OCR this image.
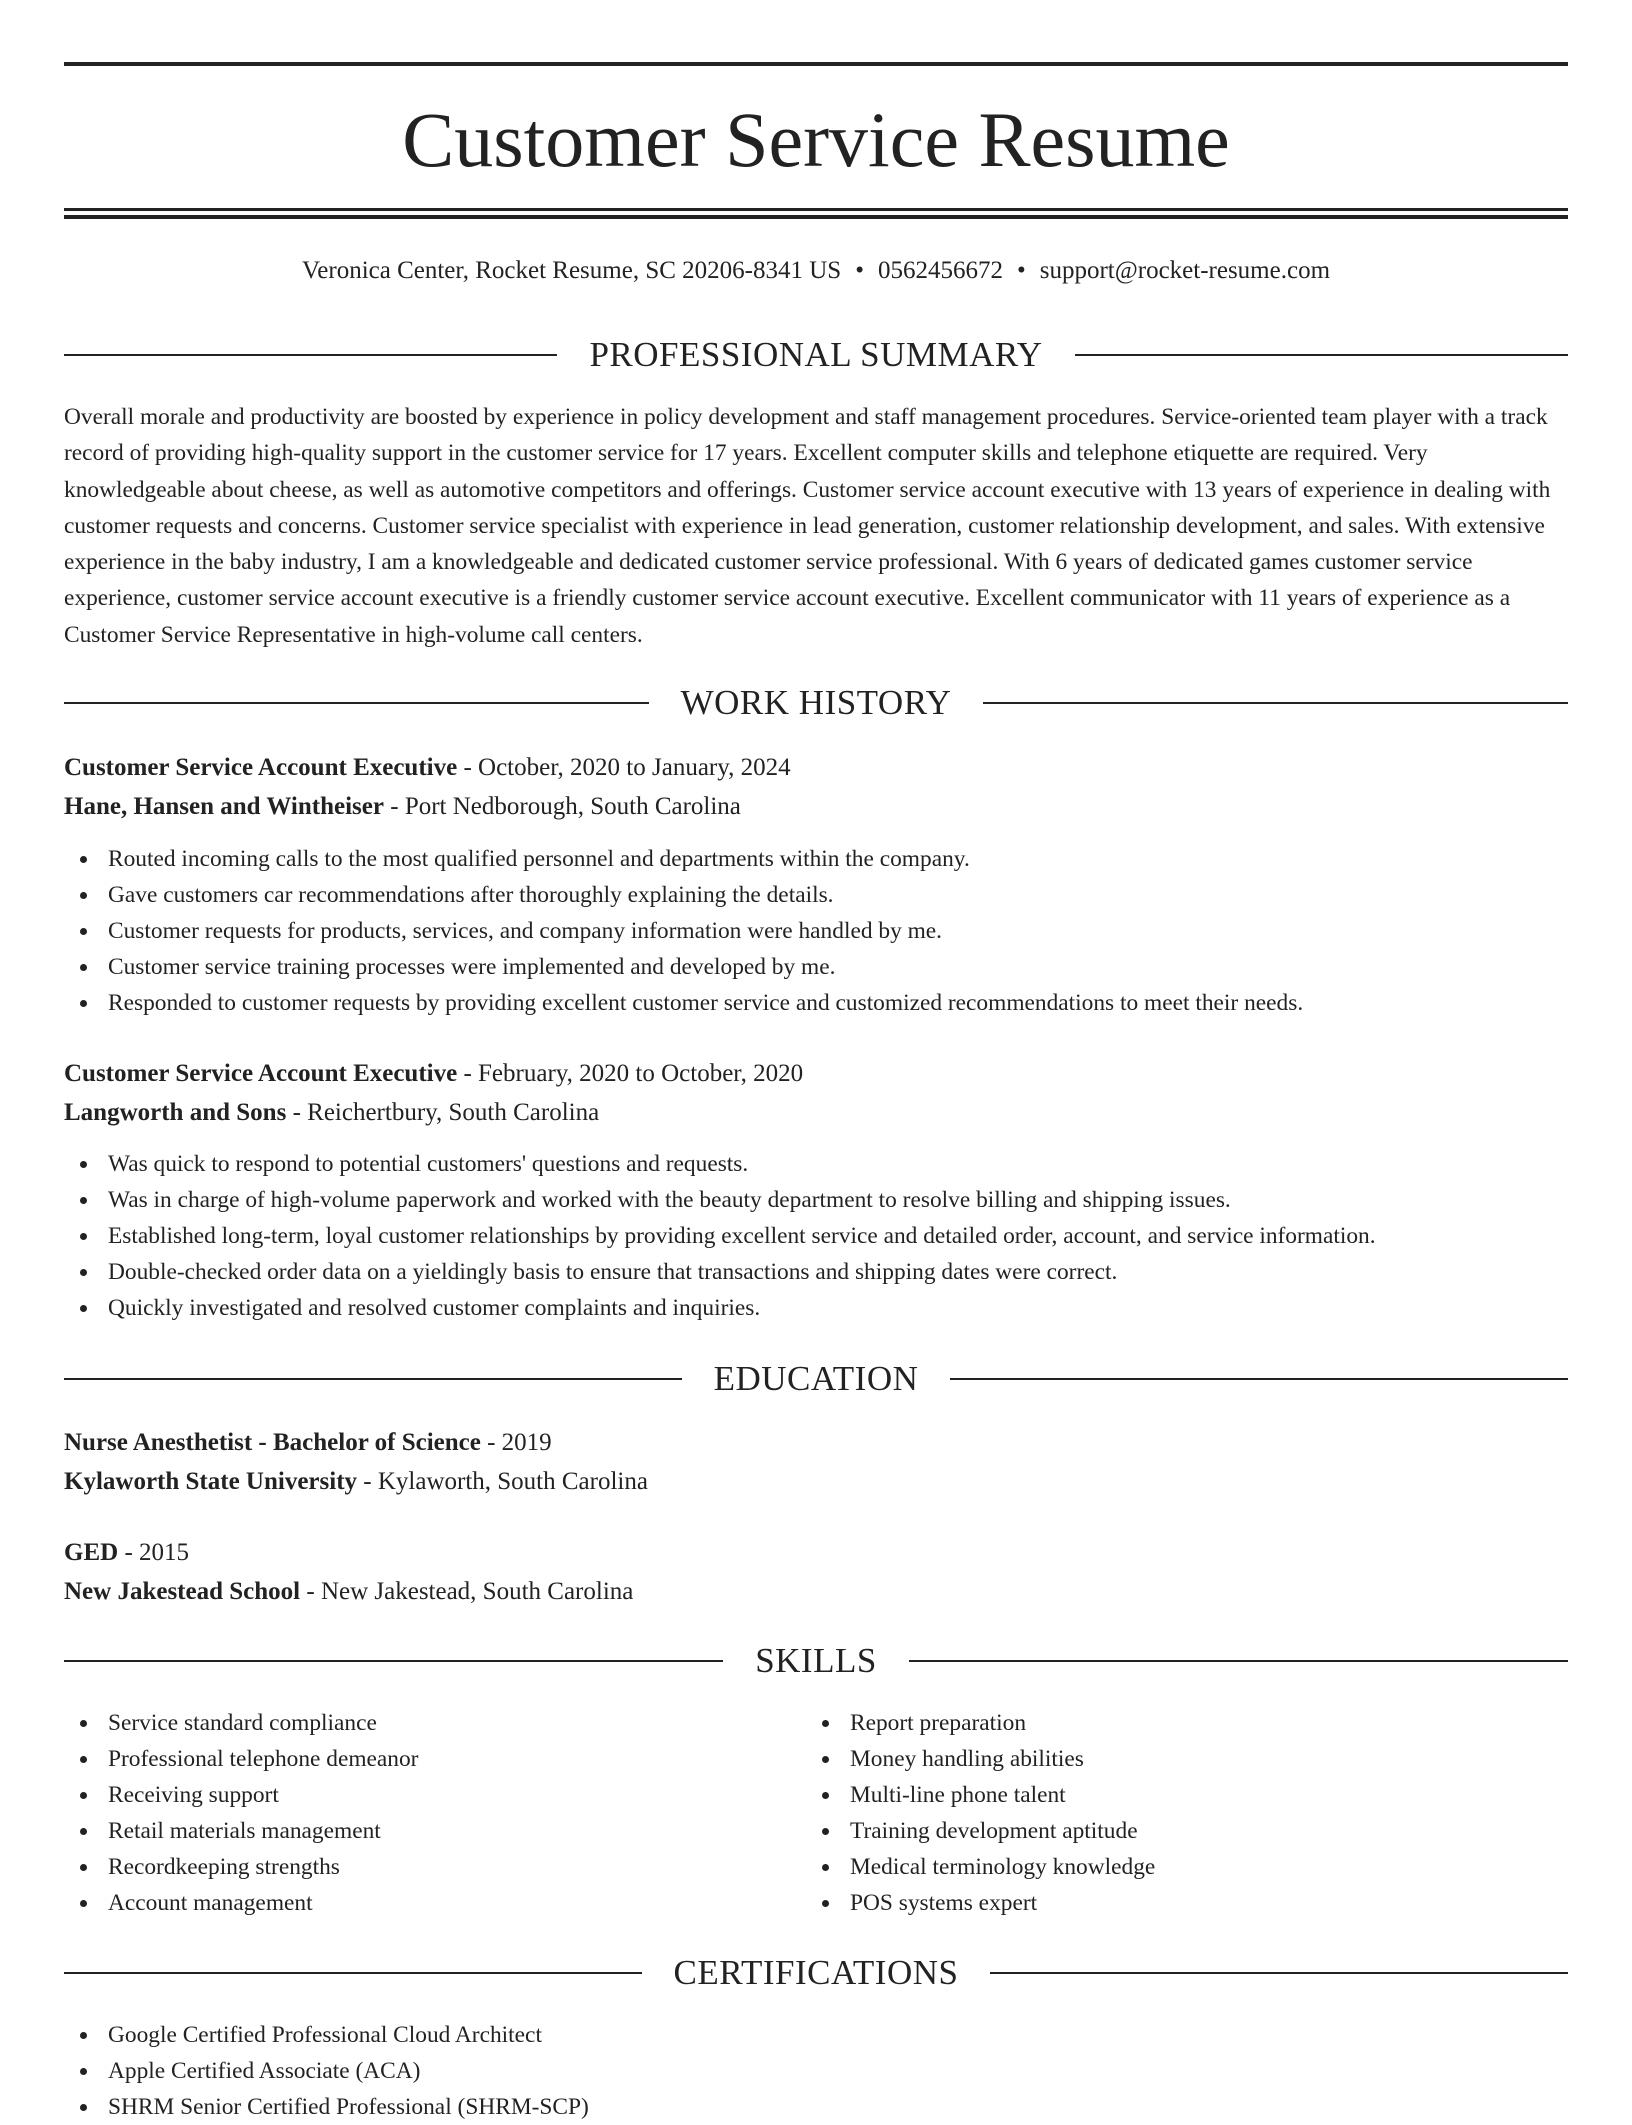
Customer Service Resume
Veronica Center, Rocket Resume, SC 20206-8341 US • 0562456672 • support@rocket-resume.com
PROFESSIONAL SUMMARY
Overall morale and productivity are boosted by experience in policy development and staff management procedures. Service-oriented team player with a track record of providing high-quality support in the customer service for 17 years. Excellent computer skills and telephone etiquette are required. Very knowledgeable about cheese, as well as automotive competitors and offerings. Customer service account executive with 13 years of experience in dealing with customer requests and concerns. Customer service specialist with experience in lead generation, customer relationship development, and sales. With extensive experience in the baby industry, I am a knowledgeable and dedicated customer service professional. With 6 years of dedicated games customer service experience, customer service account executive is a friendly customer service account executive. Excellent communicator with 11 years of experience as a Customer Service Representative in high-volume call centers.
WORK HISTORY
Customer Service Account Executive - October, 2020 to January, 2024
Hane, Hansen and Wintheiser - Port Nedborough, South Carolina
Routed incoming calls to the most qualified personnel and departments within the company.
Gave customers car recommendations after thoroughly explaining the details.
Customer requests for products, services, and company information were handled by me.
Customer service training processes were implemented and developed by me.
Responded to customer requests by providing excellent customer service and customized recommendations to meet their needs.
Customer Service Account Executive - February, 2020 to October, 2020
Langworth and Sons - Reichertbury, South Carolina
Was quick to respond to potential customers' questions and requests.
Was in charge of high-volume paperwork and worked with the beauty department to resolve billing and shipping issues.
Established long-term, loyal customer relationships by providing excellent service and detailed order, account, and service information.
Double-checked order data on a yieldingly basis to ensure that transactions and shipping dates were correct.
Quickly investigated and resolved customer complaints and inquiries.
EDUCATION
Nurse Anesthetist - Bachelor of Science - 2019
Kylaworth State University - Kylaworth, South Carolina
GED - 2015
New Jakestead School - New Jakestead, South Carolina
SKILLS
Service standard compliance
Professional telephone demeanor
Receiving support
Retail materials management
Recordkeeping strengths
Account management
Report preparation
Money handling abilities
Multi-line phone talent
Training development aptitude
Medical terminology knowledge
POS systems expert
CERTIFICATIONS
Google Certified Professional Cloud Architect
Apple Certified Associate (ACA)
SHRM Senior Certified Professional (SHRM-SCP)
